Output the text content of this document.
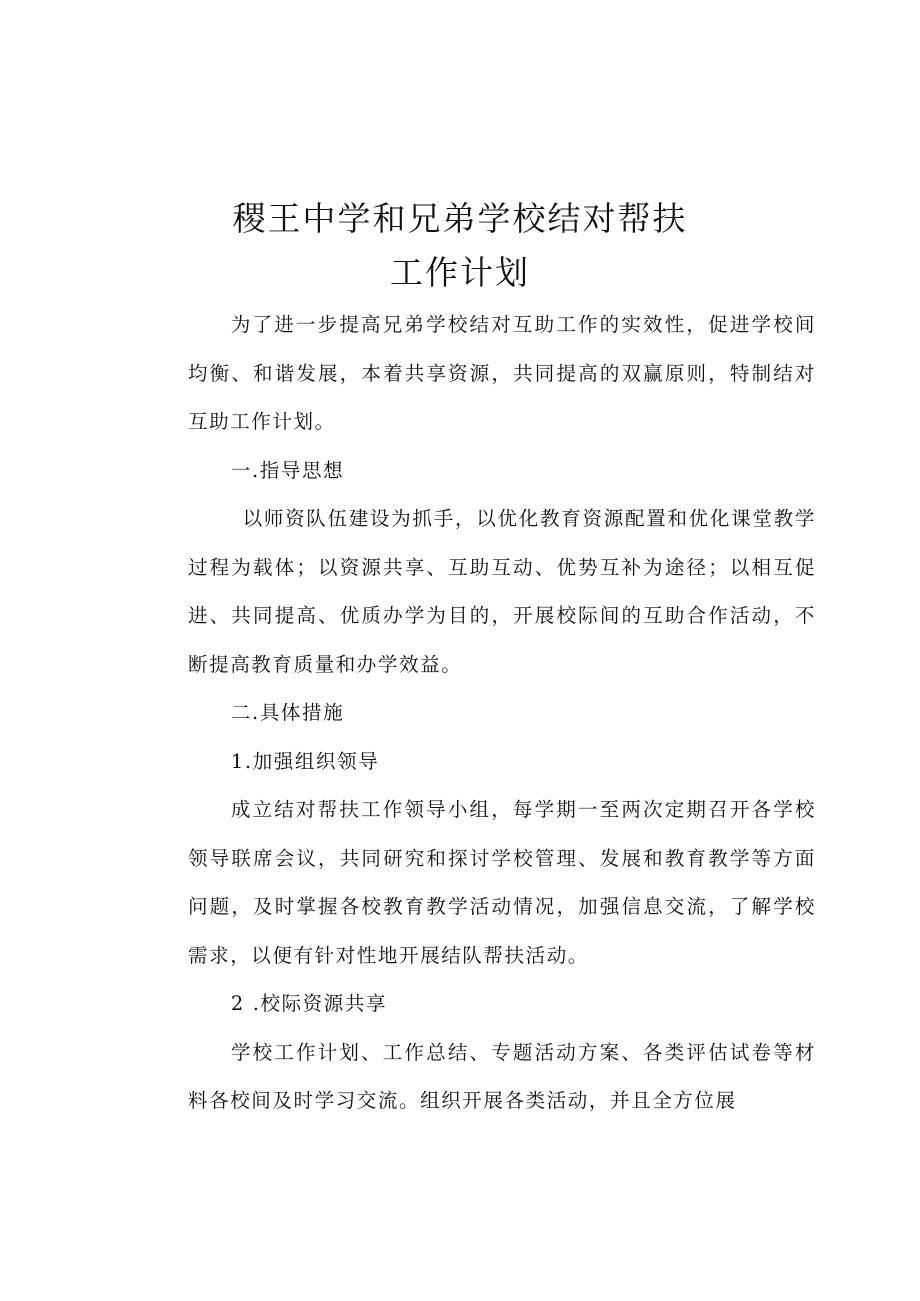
稷王中学和兄弟学校结对帮扶
工作计划

为了进一步提高兄弟学校结对互助工作的实效性，促进学校间均衡、和谐发展，本着共享资源，共同提高的双赢原则，特制结对互助工作计划。

一.指导思想

以师资队伍建设为抓手，以优化教育资源配置和优化课堂教学过程为载体；以资源共享、互助互动、优势互补为途径；以相互促进、共同提高、优质办学为目的，开展校际间的互助合作活动，不断提高教育质量和办学效益。

二.具体措施

1.加强组织领导

成立结对帮扶工作领导小组，每学期一至两次定期召开各学校领导联席会议，共同研究和探讨学校管理、发展和教育教学等方面问题，及时掌握各校教育教学活动情况，加强信息交流，了解学校需求，以便有针对性地开展结队帮扶活动。

2 .校际资源共享

学校工作计划、工作总结、专题活动方案、各类评估试卷等材料各校间及时学习交流。组织开展各类活动，并且全方位展
